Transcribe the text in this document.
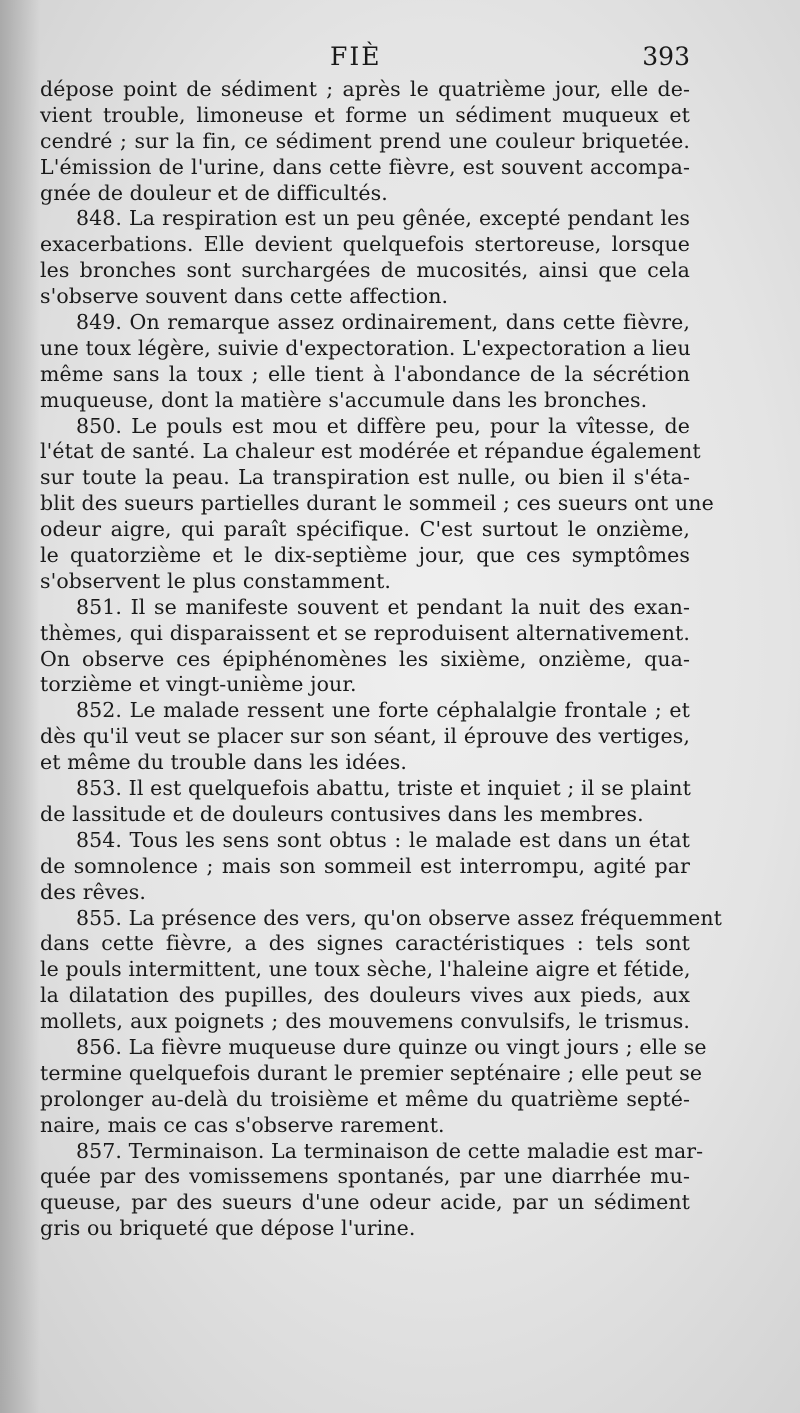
FIÈ	393
dépose point de sédiment ; après le quatrième jour, elle de-
vient trouble, limoneuse et forme un sédiment muqueux et
cendré ; sur la fin, ce sédiment prend une couleur briquetée.
L'émission de l'urine, dans cette fièvre, est souvent accompa-
gnée de douleur et de difficultés.
848. La respiration est un peu gênée, excepté pendant les
exacerbations. Elle devient quelquefois stertoreuse, lorsque
les bronches sont surchargées de mucosités, ainsi que cela
s'observe souvent dans cette affection.
849. On remarque assez ordinairement, dans cette fièvre,
une toux légère, suivie d'expectoration. L'expectoration a lieu
même sans la toux ; elle tient à l'abondance de la sécrétion
muqueuse, dont la matière s'accumule dans les bronches.
850. Le pouls est mou et diffère peu, pour la vîtesse, de
l'état de santé. La chaleur est modérée et répandue également
sur toute la peau. La transpiration est nulle, ou bien il s'éta-
blit des sueurs partielles durant le sommeil ; ces sueurs ont une
odeur aigre, qui paraît spécifique. C'est surtout le onzième,
le quatorzième et le dix-septième jour, que ces symptômes
s'observent le plus constamment.
851. Il se manifeste souvent et pendant la nuit des exan-
thèmes, qui disparaissent et se reproduisent alternativement.
On observe ces épiphénomènes les sixième, onzième, qua-
torzième et vingt-unième jour.
852. Le malade ressent une forte céphalalgie frontale ; et
dès qu'il veut se placer sur son séant, il éprouve des vertiges,
et même du trouble dans les idées.
853. Il est quelquefois abattu, triste et inquiet ; il se plaint
de lassitude et de douleurs contusives dans les membres.
854. Tous les sens sont obtus : le malade est dans un état
de somnolence ; mais son sommeil est interrompu, agité par
des rêves.
855. La présence des vers, qu'on observe assez fréquemment
dans cette fièvre, a des signes caractéristiques : tels sont
le pouls intermittent, une toux sèche, l'haleine aigre et fétide,
la dilatation des pupilles, des douleurs vives aux pieds, aux
mollets, aux poignets ; des mouvemens convulsifs, le trismus.
856. La fièvre muqueuse dure quinze ou vingt jours ; elle se
termine quelquefois durant le premier septénaire ; elle peut se
prolonger au-delà du troisième et même du quatrième septé-
naire, mais ce cas s'observe rarement.
857. Terminaison. La terminaison de cette maladie est mar-
quée par des vomissemens spontanés, par une diarrhée mu-
queuse, par des sueurs d'une odeur acide, par un sédiment
gris ou briqueté que dépose l'urine.
